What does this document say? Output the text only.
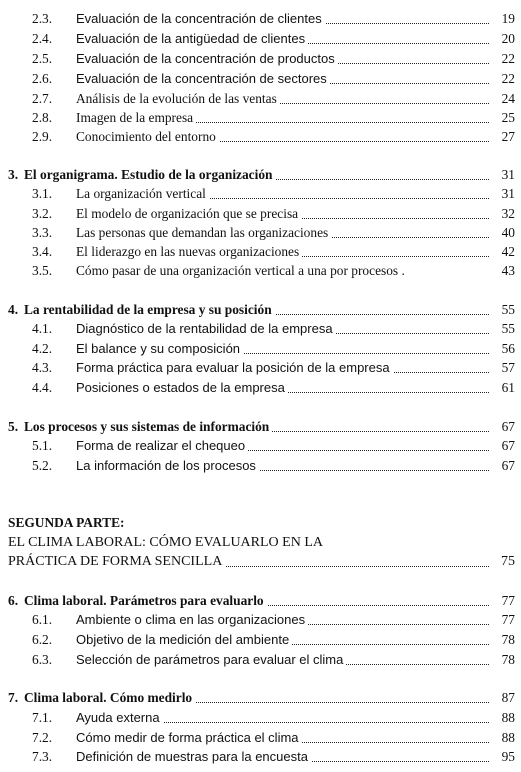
2.3.	Evaluación de la concentración de clientes	19
2.4.	Evaluación de la antigüedad de clientes	20
2.5.	Evaluación de la concentración de productos	22
2.6.	Evaluación de la concentración de sectores	22
2.7.	Análisis de la evolución de las ventas	24
2.8.	Imagen de la empresa	25
2.9.	Conocimiento del entorno	27
3. El organigrama. Estudio de la organización	31
3.1.	La organización vertical	31
3.2.	El modelo de organización que se precisa	32
3.3.	Las personas que demandan las organizaciones	40
3.4.	El liderazgo en las nuevas organizaciones	42
3.5.	Cómo pasar de una organización vertical a una por procesos .	43
4. La rentabilidad de la empresa y su posición	55
4.1.	Diagnóstico de la rentabilidad de la empresa	55
4.2.	El balance y su composición	56
4.3.	Forma práctica para evaluar la posición de la empresa	57
4.4.	Posiciones o estados de la empresa	61
5. Los procesos y sus sistemas de información	67
5.1.	Forma de realizar el chequeo	67
5.2.	La información de los procesos	67
SEGUNDA PARTE:
EL CLIMA LABORAL: CÓMO EVALUARLO EN LA
PRÁCTICA DE FORMA SENCILLA	75
6. Clima laboral. Parámetros para evaluarlo	77
6.1.	Ambiente o clima en las organizaciones	77
6.2.	Objetivo de la medición del ambiente	78
6.3.	Selección de parámetros para evaluar el clima	78
7. Clima laboral. Cómo medirlo	87
7.1.	Ayuda externa	88
7.2.	Cómo medir de forma práctica el clima	88
7.3.	Definición de muestras para la encuesta	95
